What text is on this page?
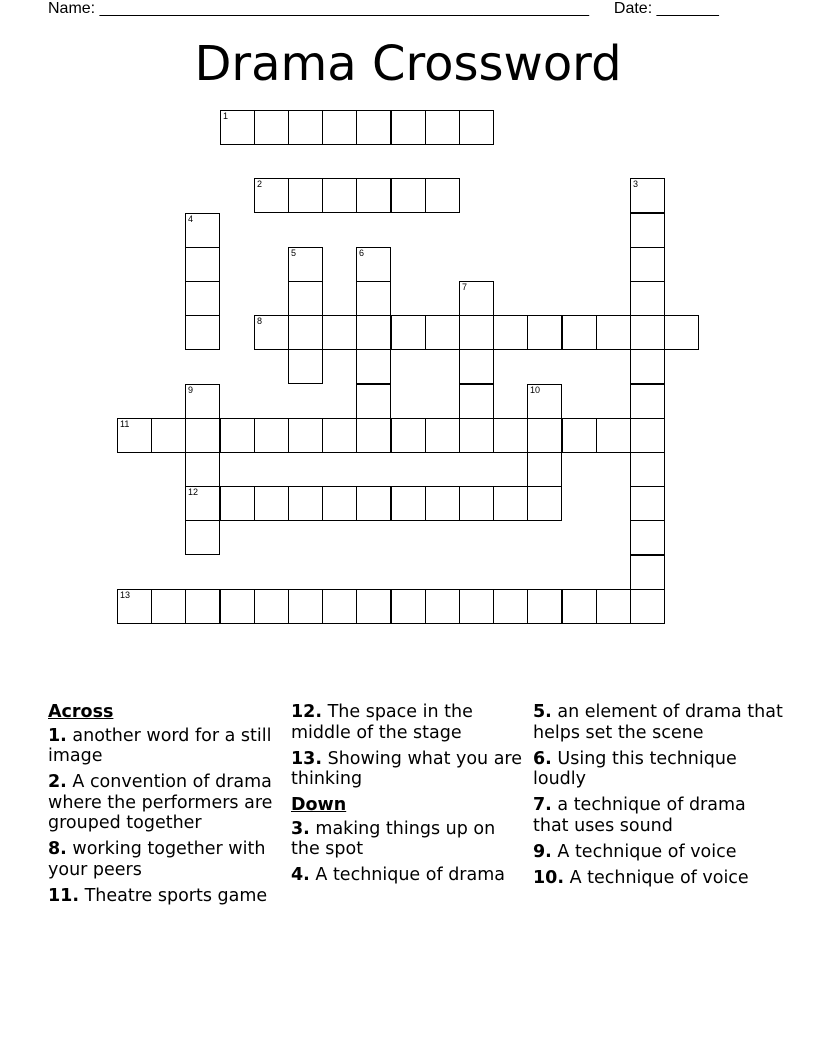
Name: _______________________________________________________ Date: _______
Drama Crossword
1
2	3
4
5	6
7
8
9
12
10
11
13
Across
1. another word for a still image
2. A convention of drama where the performers are grouped together
8. working together with your peers
11. Theatre sports game
12. The space in the middle of the stage
13. Showing what you are thinking
Down
3. making things up on the spot
4. A technique of drama
5. an element of drama that helps set the scene
6. Using this technique loudly
7. a technique of drama that uses sound
9. A technique of voice
10. A technique of voice
